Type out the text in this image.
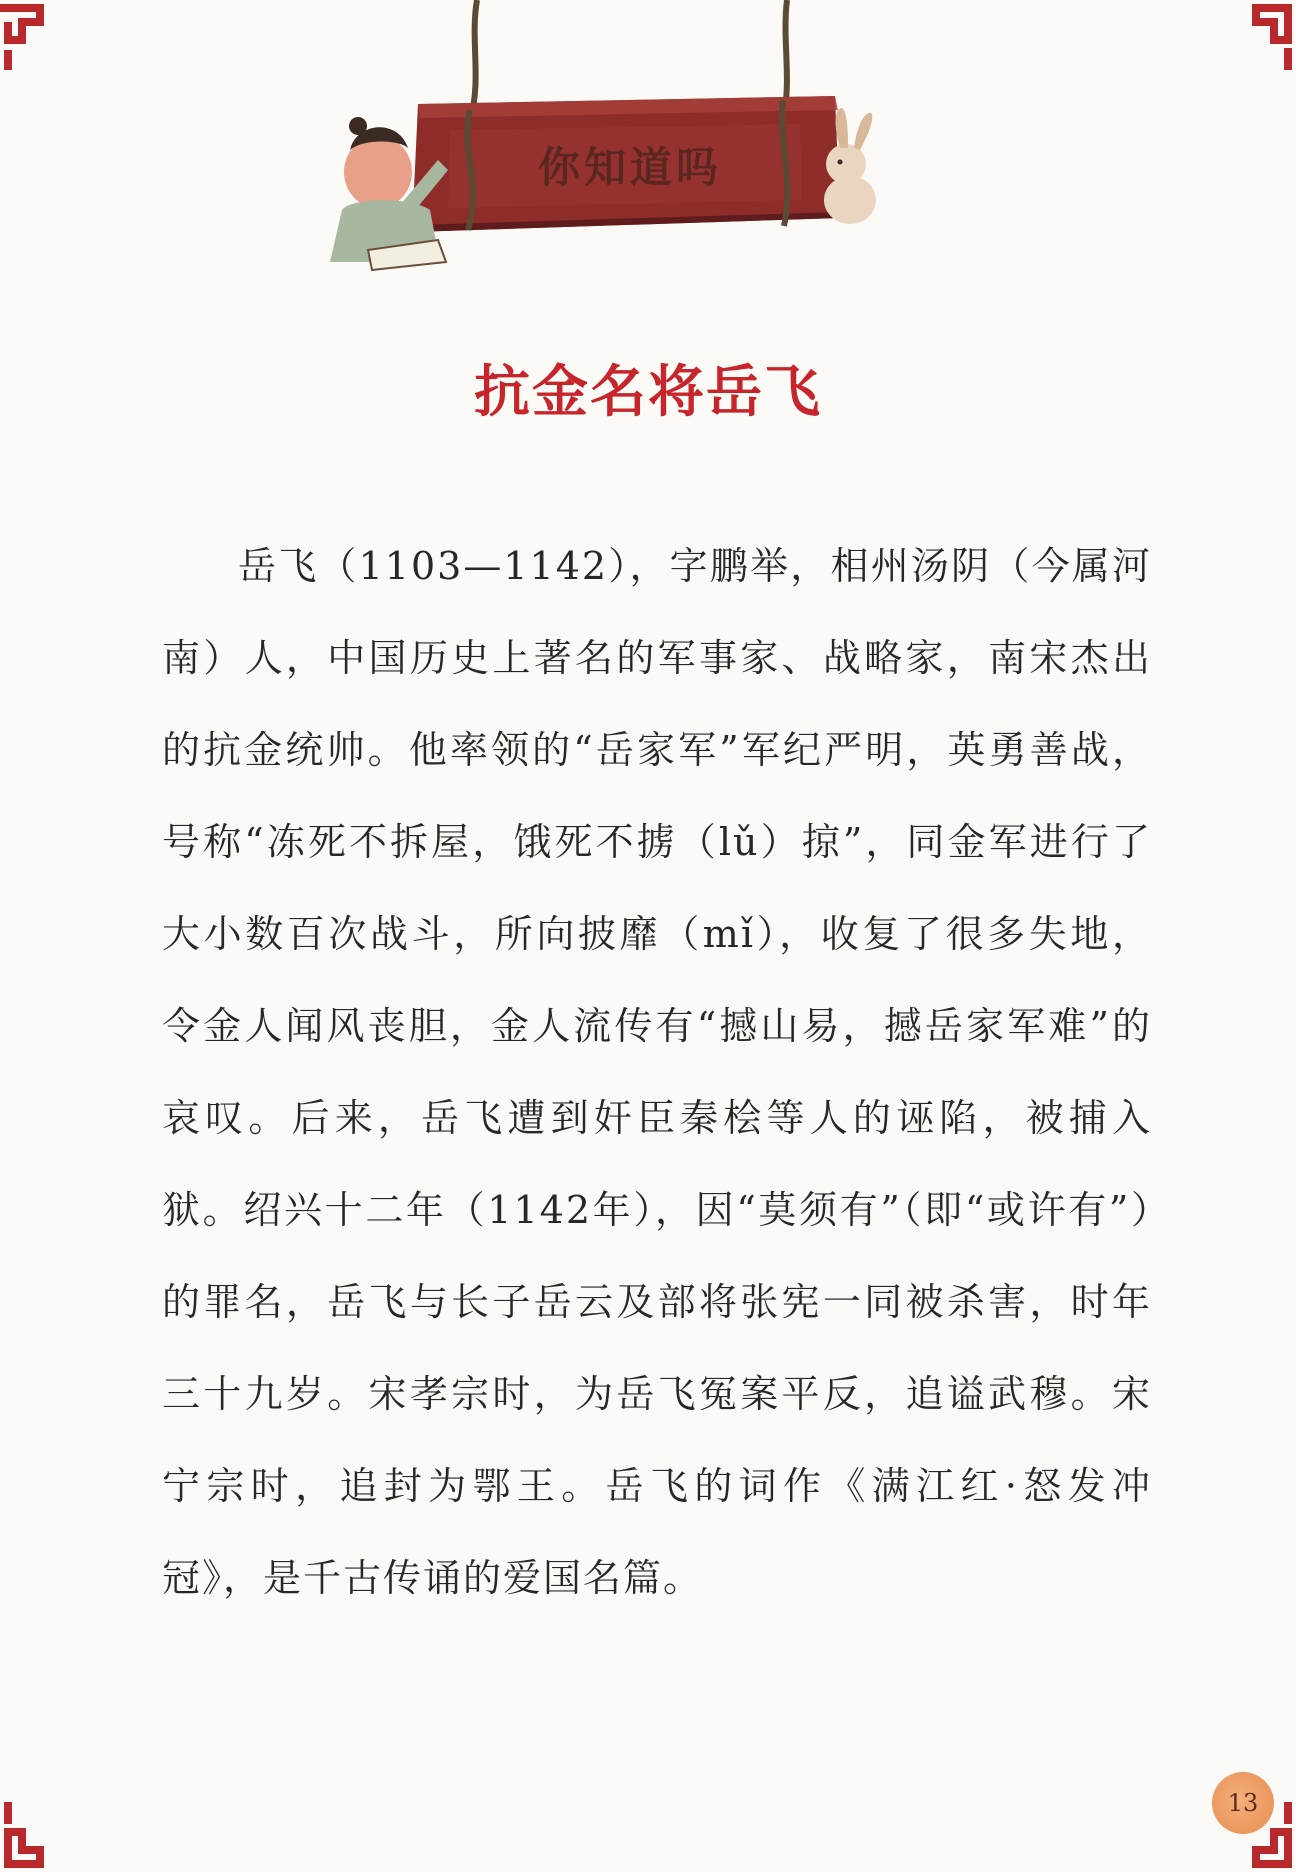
你知道吗
抗金名将岳飞

岳飞（1103—1142），字鹏举，相州汤阴（今属河南）人，中国历史上著名的军事家、战略家，南宋杰出的抗金统帅。他率领的“岳家军”军纪严明，英勇善战，号称“冻死不拆屋，饿死不掳（lǔ）掠”，同金军进行了大小数百次战斗，所向披靡（mǐ），收复了很多失地，令金人闻风丧胆，金人流传有“撼山易，撼岳家军难”的哀叹。后来，岳飞遭到奸臣秦桧等人的诬陷，被捕入狱。绍兴十二年（1142年），因“莫须有”（即“或许有”）的罪名，岳飞与长子岳云及部将张宪一同被杀害，时年三十九岁。宋孝宗时，为岳飞冤案平反，追谥武穆。宋宁宗时，追封为鄂王。岳飞的词作《满江红·怒发冲冠》，是千古传诵的爱国名篇。

13
